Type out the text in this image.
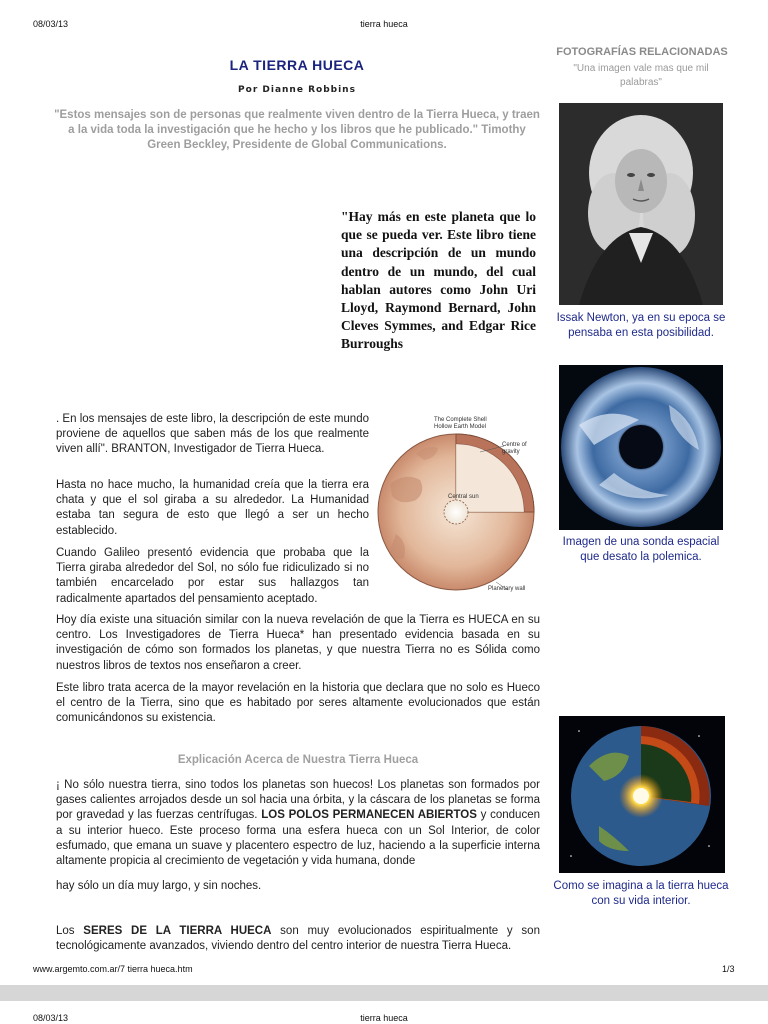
08/03/13	tierra hueca
LA TIERRA HUECA
Por Dianne Robbins
"Estos mensajes son de personas que realmente viven dentro de la Tierra Hueca, y traen a la vida toda la investigación que he hecho y los libros que he publicado." Timothy Green Beckley, Presidente de Global Communications.
"Hay más en este planeta que lo que se pueda ver. Este libro tiene una descripción de un mundo dentro de un mundo, del cual hablan autores como John Uri Lloyd, Raymond Bernard, John Cleves Symmes, and Edgar Rice Burroughs
The Complete Shell
Hollow Earth Model
Centre of gravity
Central sun
Planetary wall
. En los mensajes de este libro, la descripción de este mundo proviene de aquellos que saben más de los que realmente viven allí". BRANTON, Investigador de Tierra Hueca.
Hasta no hace mucho, la humanidad creía que la tierra era chata y que el sol giraba a su alrededor. La Humanidad estaba tan segura de esto que llegó a ser un hecho establecido.
Cuando Galileo presentó evidencia que probaba que la Tierra giraba alrededor del Sol, no sólo fue ridiculizado si no también encarcelado por estar sus hallazgos tan radicalmente apartados del pensamiento aceptado.
Hoy día existe una situación similar con la nueva revelación de que la Tierra es HUECA en su centro. Los Investigadores de Tierra Hueca* han presentado evidencia basada en su investigación de cómo son formados los planetas, y que nuestra Tierra no es Sólida como nuestros libros de textos nos enseñaron a creer.
Este libro trata acerca de la mayor revelación en la historia que declara que no solo es Hueco el centro de la Tierra, sino que es habitado por seres altamente evolucionados que están comunicándonos su existencia.
Explicación Acerca de Nuestra Tierra Hueca
¡ No sólo nuestra tierra, sino todos los planetas son huecos! Los planetas son formados por gases calientes arrojados desde un sol hacia una órbita, y la cáscara de los planetas se forma por gravedad y las fuerzas centrífugas. LOS POLOS PERMANECEN ABIERTOS y conducen a su interior hueco. Este proceso forma una esfera hueca con un Sol Interior, de color esfumado, que emana un suave y placentero espectro de luz, haciendo a la superficie interna altamente propicia al crecimiento de vegetación y vida humana, donde
hay sólo un día muy largo, y sin noches.
Los SERES DE LA TIERRA HUECA son muy evolucionados espiritualmente y son tecnológicamente avanzados, viviendo dentro del centro interior de nuestra Tierra Hueca.
FOTOGRAFÍAS RELACIONADAS
"Una imagen vale mas que mil palabras"
Issak Newton, ya en su epoca se pensaba en esta posibilidad.
Imagen de una sonda espacial que desato la polemica.
Como se imagina a la tierra hueca con su vida interior.
www.argemto.com.ar/7 tierra hueca.htm	1/3
08/03/13	tierra hueca
